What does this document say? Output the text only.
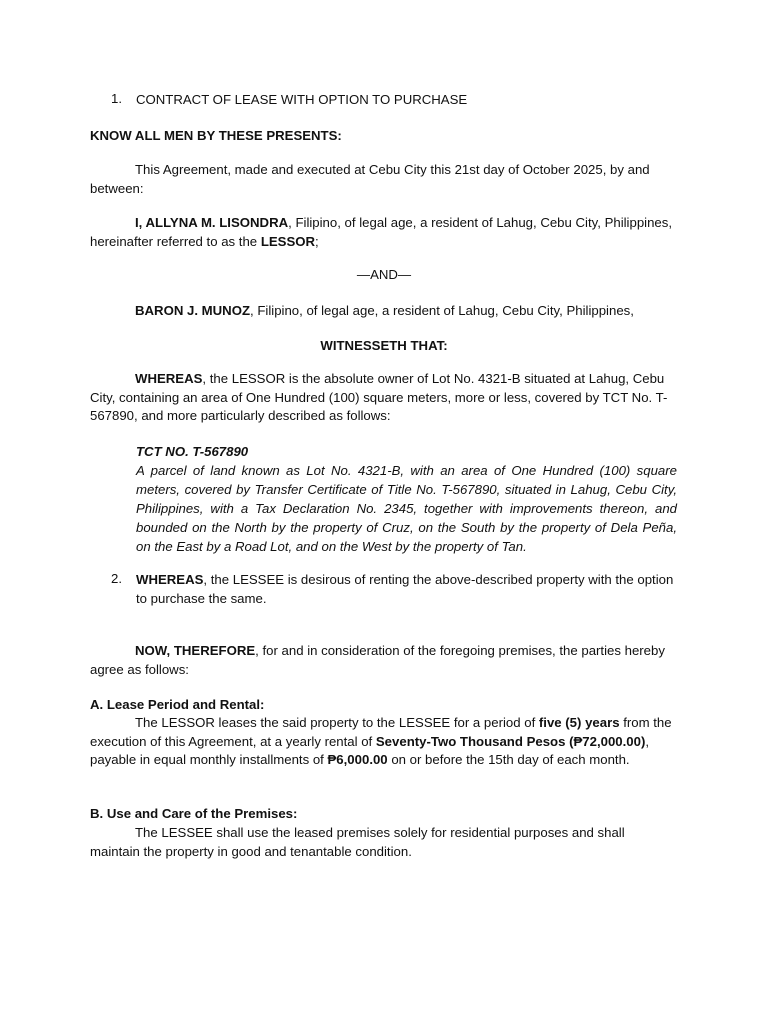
1. CONTRACT OF LEASE WITH OPTION TO PURCHASE

KNOW ALL MEN BY THESE PRESENTS:

This Agreement, made and executed at Cebu City this 21st day of October 2025, by and between:

I, ALLYNA M. LISONDRA, Filipino, of legal age, a resident of Lahug, Cebu City, Philippines, hereinafter referred to as the LESSOR;

—AND—

BARON J. MUNOZ, Filipino, of legal age, a resident of Lahug, Cebu City, Philippines,

WITNESSETH THAT:

WHEREAS, the LESSOR is the absolute owner of Lot No. 4321-B situated at Lahug, Cebu City, containing an area of One Hundred (100) square meters, more or less, covered by TCT No. T-567890, and more particularly described as follows:

TCT NO. T-567890

A parcel of land known as Lot No. 4321-B, with an area of One Hundred (100) square meters, covered by Transfer Certificate of Title No. T-567890, situated in Lahug, Cebu City, Philippines, with a Tax Declaration No. 2345, together with improvements thereon, and bounded on the North by the property of Cruz, on the South by the property of Dela Peña, on the East by a Road Lot, and on the West by the property of Tan.

2. WHEREAS, the LESSEE is desirous of renting the above-described property with the option to purchase the same.

NOW, THEREFORE, for and in consideration of the foregoing premises, the parties hereby agree as follows:

A. Lease Period and Rental:

The LESSOR leases the said property to the LESSEE for a period of five (5) years from the execution of this Agreement, at a yearly rental of Seventy-Two Thousand Pesos (₱72,000.00), payable in equal monthly installments of ₱6,000.00 on or before the 15th day of each month.

B. Use and Care of the Premises:

The LESSEE shall use the leased premises solely for residential purposes and shall maintain the property in good and tenantable condition.
